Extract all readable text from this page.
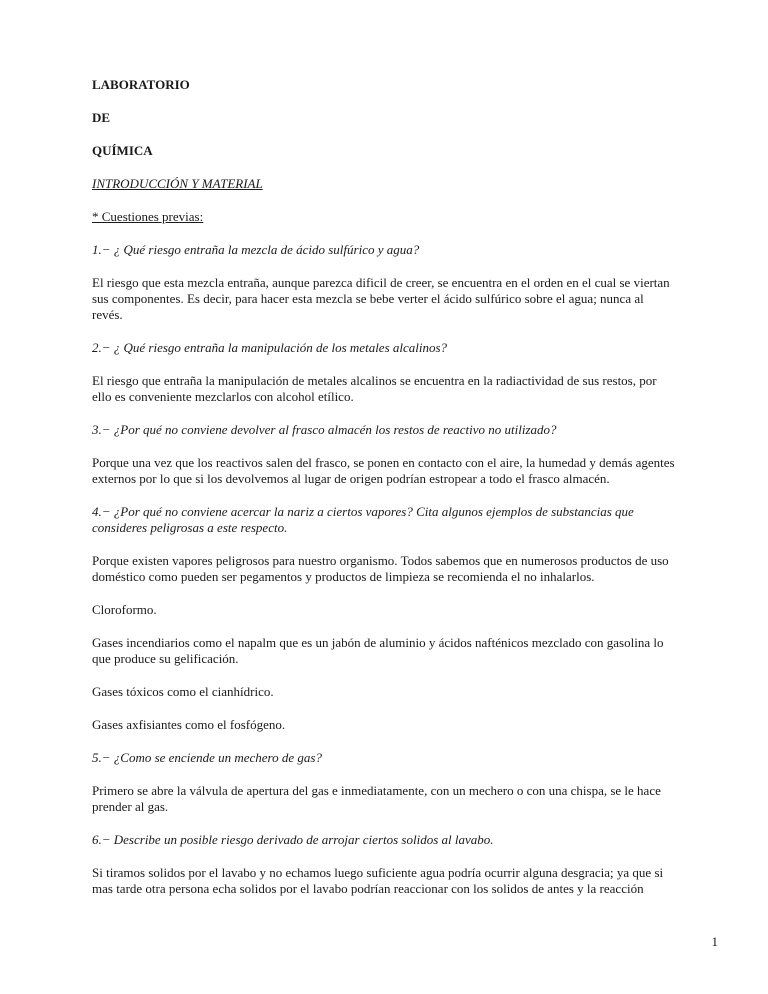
LABORATORIO

DE

QUÍMICA

INTRODUCCIÓN Y MATERIAL

* Cuestiones previas:

1.− ¿ Qué riesgo entraña la mezcla de ácido sulfúrico y agua?

El riesgo que esta mezcla entraña, aunque parezca dificil de creer, se encuentra en el orden en el cual se viertan sus componentes. Es decir, para hacer esta mezcla se bebe verter el ácido sulfúrico sobre el agua; nunca al revés.

2.− ¿ Qué riesgo entraña la manipulación de los metales alcalinos?

El riesgo que entraña la manipulación de metales alcalinos se encuentra en la radiactividad de sus restos, por ello es conveniente mezclarlos con alcohol etílico.

3.− ¿Por qué no conviene devolver al frasco almacén los restos de reactivo no utilizado?

Porque una vez que los reactivos salen del frasco, se ponen en contacto con el aire, la humedad y demás agentes externos por lo que si los devolvemos al lugar de origen podrían estropear a todo el frasco almacén.

4.− ¿Por qué no conviene acercar la nariz a ciertos vapores? Cita algunos ejemplos de substancias que consideres peligrosas a este respecto.

Porque existen vapores peligrosos para nuestro organismo. Todos sabemos que en numerosos productos de uso doméstico como pueden ser pegamentos y productos de limpieza se recomienda el no inhalarlos.

Cloroformo.

Gases incendiarios como el napalm que es un jabón de aluminio y ácidos nafténicos mezclado con gasolina lo que produce su gelificación.

Gases tóxicos como el cianhídrico.

Gases axfisiantes como el fosfógeno.

5.− ¿Como se enciende un mechero de gas?

Primero se abre la válvula de apertura del gas e inmediatamente, con un mechero o con una chispa, se le hace prender al gas.

6.− Describe un posible riesgo derivado de arrojar ciertos solidos al lavabo.

Si tiramos solidos por el lavabo y no echamos luego suficiente agua podría ocurrir alguna desgracia; ya que si mas tarde otra persona echa solidos por el lavabo podrían reaccionar con los solidos de antes y la reacción

1
